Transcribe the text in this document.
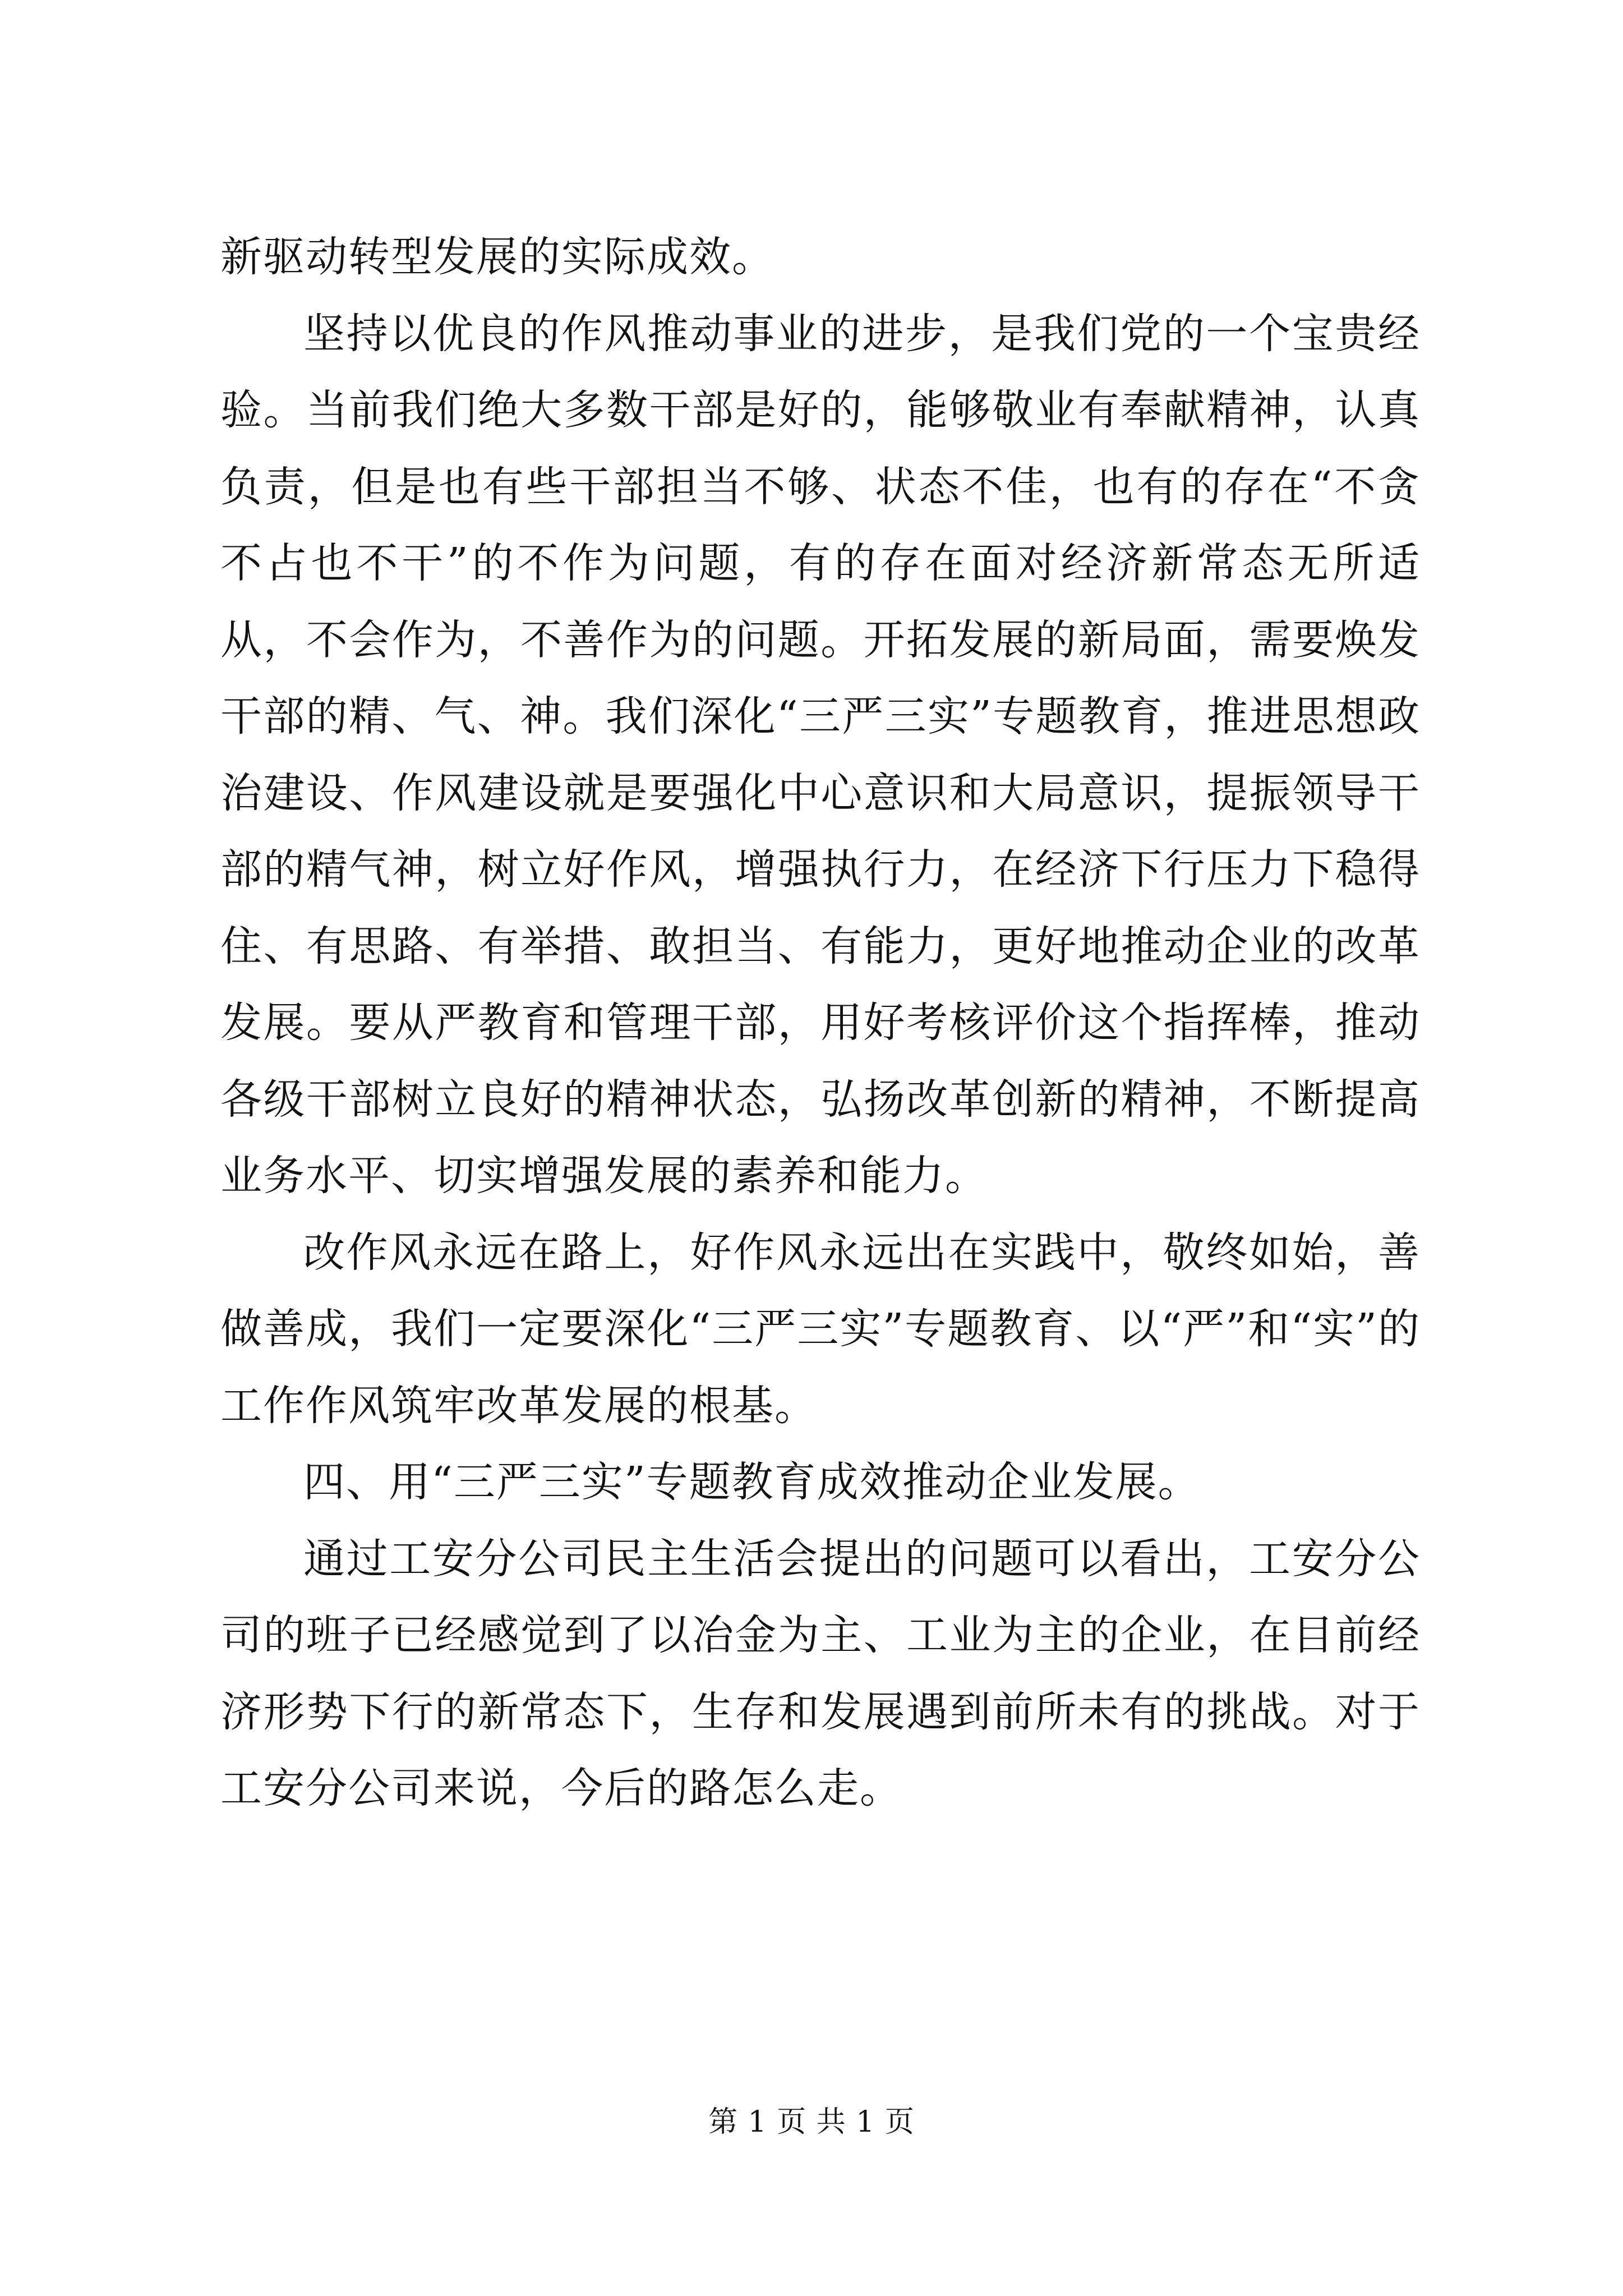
新驱动转型发展的实际成效。

坚持以优良的作风推动事业的进步，是我们党的一个宝贵经验。当前我们绝大多数干部是好的，能够敬业有奉献精神，认真负责，但是也有些干部担当不够、状态不佳，也有的存在“不贪不占也不干”的不作为问题，有的存在面对经济新常态无所适从，不会作为，不善作为的问题。开拓发展的新局面，需要焕发干部的精、气、神。我们深化“三严三实”专题教育，推进思想政治建设、作风建设就是要强化中心意识和大局意识，提振领导干部的精气神，树立好作风，增强执行力，在经济下行压力下稳得住、有思路、有举措、敢担当、有能力，更好地推动企业的改革发展。要从严教育和管理干部，用好考核评价这个指挥棒，推动各级干部树立良好的精神状态，弘扬改革创新的精神，不断提高业务水平、切实增强发展的素养和能力。

改作风永远在路上，好作风永远出在实践中，敬终如始，善做善成，我们一定要深化“三严三实”专题教育、以“严”和“实”的工作作风筑牢改革发展的根基。

四、用“三严三实”专题教育成效推动企业发展。

通过工安分公司民主生活会提出的问题可以看出，工安分公司的班子已经感觉到了以冶金为主、工业为主的企业，在目前经济形势下行的新常态下，生存和发展遇到前所未有的挑战。对于工安分公司来说，今后的路怎么走。

第 1 页 共 1 页
